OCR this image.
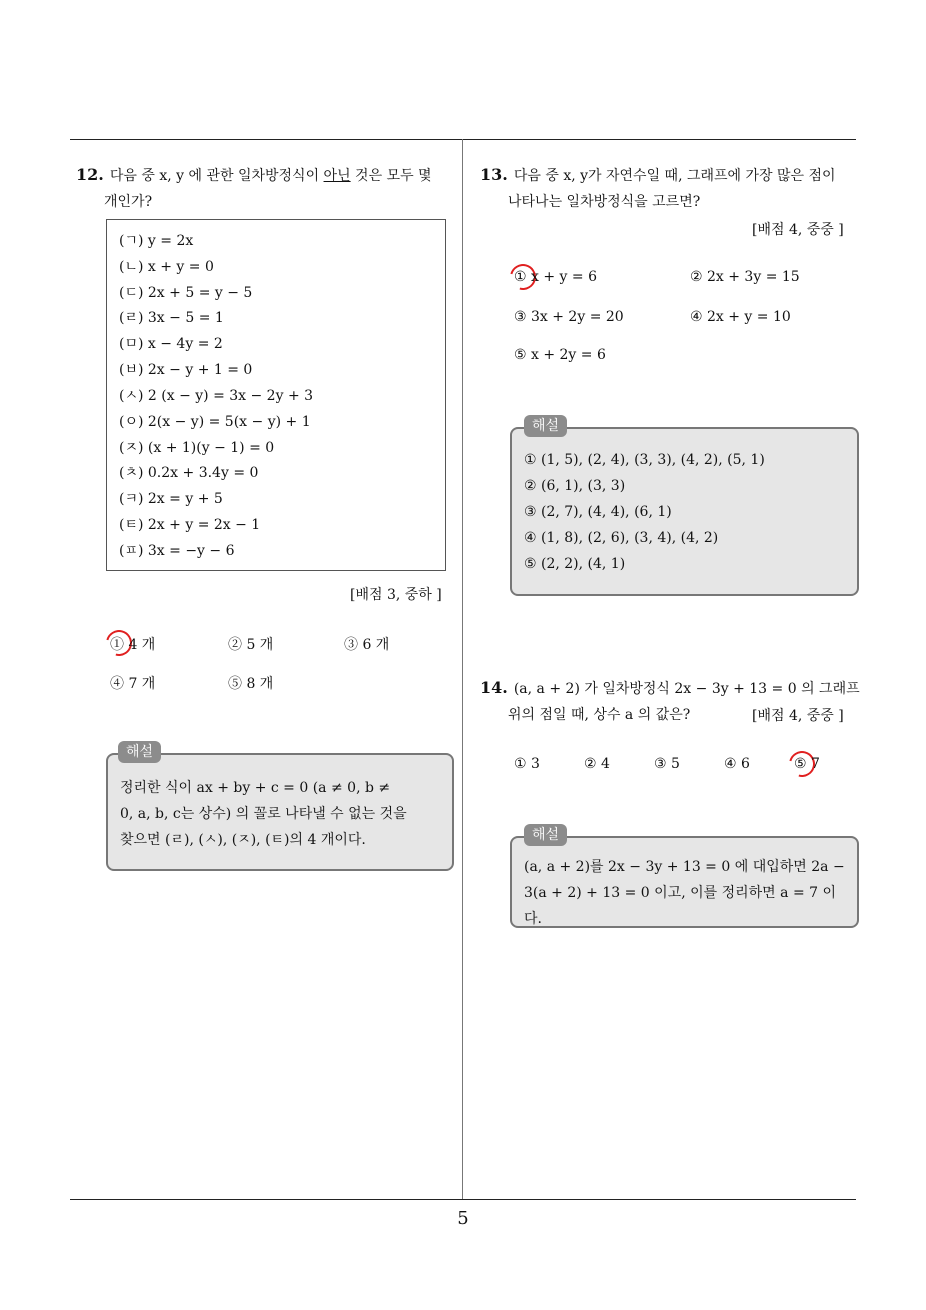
12. 다음 중 x, y 에 관한 일차방정식이 아닌 것은 모두 몇
개인가?
(ㄱ) y = 2x
(ㄴ) x + y = 0
(ㄷ) 2x + 5 = y − 5
(ㄹ) 3x − 5 = 1
(ㅁ) x − 4y = 2
(ㅂ) 2x − y + 1 = 0
(ㅅ) 2 (x − y) = 3x − 2y + 3
(ㅇ) 2(x − y) = 5(x − y) + 1
(ㅈ) (x + 1)(y − 1) = 0
(ㅊ) 0.2x + 3.4y = 0
(ㅋ) 2x = y + 5
(ㅌ) 2x + y = 2x − 1
(ㅍ) 3x = −y − 6
[배점 3, 중하 ]
① 4 개	② 5 개	③ 6 개
④ 7 개	⑤ 8 개
정리한 식이 ax + by + c = 0 (a ≠ 0, b ≠
0, a, b, c는 상수) 의 꼴로 나타낼 수 없는 것을
찾으면 (ㄹ), (ㅅ), (ㅈ), (ㅌ)의 4 개이다.
해설
13. 다음 중 x, y가 자연수일 때, 그래프에 가장 많은 점이
나타나는 일차방정식을 고르면?
[배점 4, 중중 ]
① x + y = 6	② 2x + 3y = 15
③ 3x + 2y = 20	④ 2x + y = 10
⑤ x + 2y = 6
① (1, 5), (2, 4), (3, 3), (4, 2), (5, 1)
② (6, 1), (3, 3)
③ (2, 7), (4, 4), (6, 1)
④ (1, 8), (2, 6), (3, 4), (4, 2)
⑤ (2, 2), (4, 1)
해설
14. (a, a + 2) 가 일차방정식 2x − 3y + 13 = 0 의 그래프
위의 점일 때, 상수 a 의 값은?	[배점 4, 중중 ]
① 3	② 4	③ 5	④ 6	⑤ 7
(a, a + 2)를 2x − 3y + 13 = 0 에 대입하면 2a −
3(a + 2) + 13 = 0 이고, 이를 정리하면 a = 7 이다.
해설
5
